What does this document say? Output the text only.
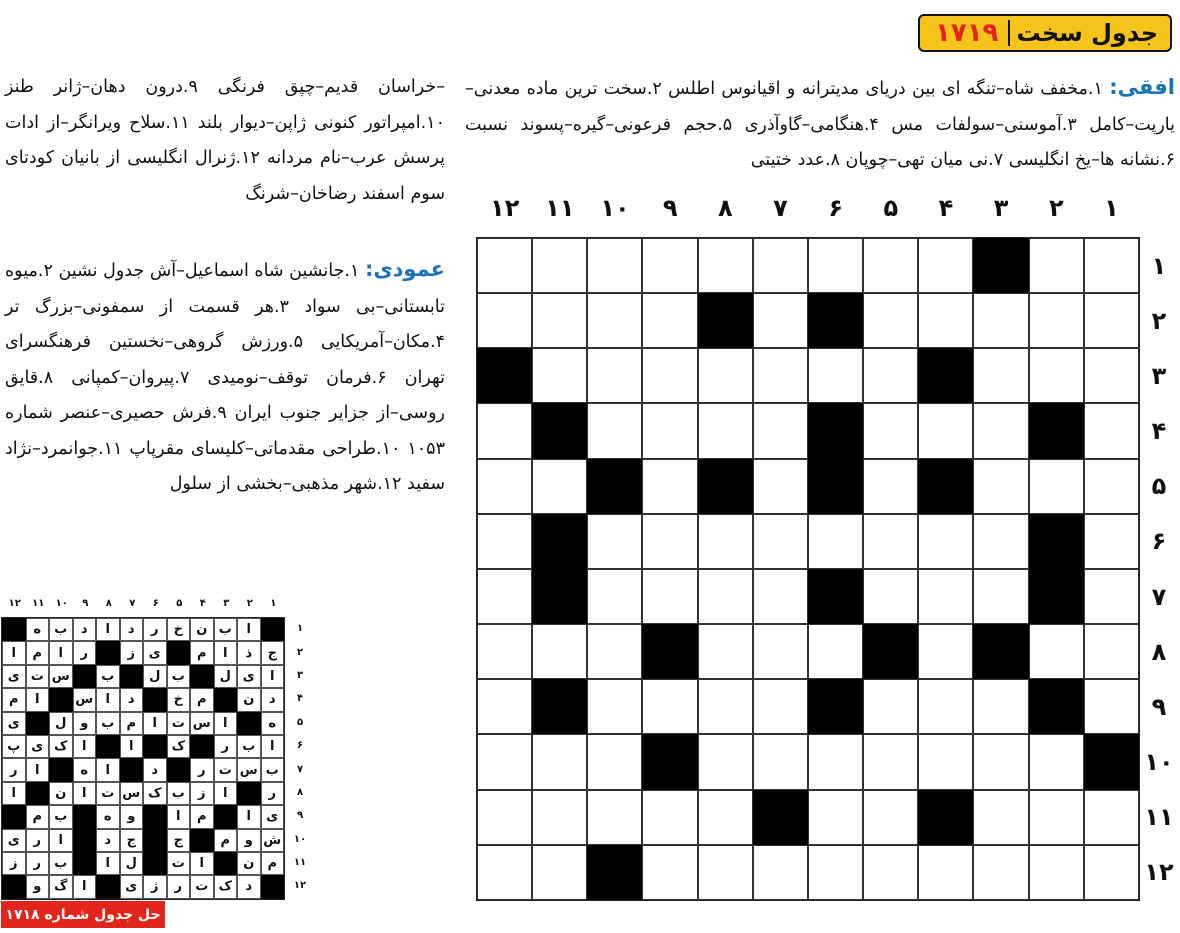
جدول سخت
۱۷۱۹
افقی: ۱.مخفف شاه–تنگه ای بین دریای مدیترانه و اقیانوس اطلس ۲.سخت ترین ماده معدنی–یارپت–کامل ۳.آموسنی–سولفات مس ۴.هنگامی–گاوآذری ۵.حجم فرعونی–گیره–پسوند نسبت ۶.نشانه ها–یخ انگلیسی ۷.نی میان تهی–چوپان ۸.عدد ختیتی
–خراسان قدیم–چپق فرنگی ۹.درون دهان–ژانر طنز ۱۰.امپراتور کنونی ژاپن–دیوار بلند ۱۱.سلاح ویرانگر–از ادات پرسش عرب–نام مردانه ۱۲.ژنرال انگلیسی از بانیان کودتای سوم اسفند رضاخان–شرنگ
عمودی: ۱.جانشین شاه اسماعیل–آش جدول نشین ۲.میوه تابستانی–بی سواد ۳.هر قسمت از سمفونی–بزرگ تر ۴.مکان–آمریکایی ۵.ورزش گروهی–نخستین فرهنگسرای تهران ۶.فرمان توقف–نومیدی ۷.پیروان–کمپانی ۸.قایق روسی–از جزایر جنوب ایران ۹.فرش حصیری–عنصر شماره ۱۰۵۳ ۱۰.طراحی مقدماتی–کلیسای مقرپاپ ۱۱.جوانمرد–نژاد سفید ۱۲.شهر مذهبی–بخشی از سلول
۱
۲
۳
۴
۵
۶
۷
۸
۹
۱۰
۱۱
۱۲
۱
۲
۳
۴
۵
۶
۷
۸
۹
۱۰
۱۱
۱۲
۱
۲
۳
۴
۵
۶
۷
۸
۹
۱۰
۱۱
۱۲
۱
۲
۳
۴
۵
۶
۷
۸
۹
۱۰
۱۱
۱۲
ا
ب
ن
خ
ر
د
ا
د
ب
ه
ج
ذ
ا
م
ی
ز
ر
ا
م
ا
ا
ی
ل
ب
ل
ب
س
ت
ی
د
ن
م
خ
د
ا
س
ا
م
ه
ا
س
ت
ا
م
ب
و
ل
ی
ا
ب
ر
ک
ا
ا
ک
ی
پ
ب
س
ت
ر
د
ا
ه
ا
ر
ر
ا
ز
ب
ک
س
ت
ا
ن
ا
ی
ا
م
ا
و
ه
ب
م
ش
و
م
ج
ج
د
ا
ر
ی
م
ن
ا
ت
ل
ا
ب
ر
ز
د
ک
ت
ر
ژ
ی
ا
گ
و
حل جدول شماره ۱۷۱۸
